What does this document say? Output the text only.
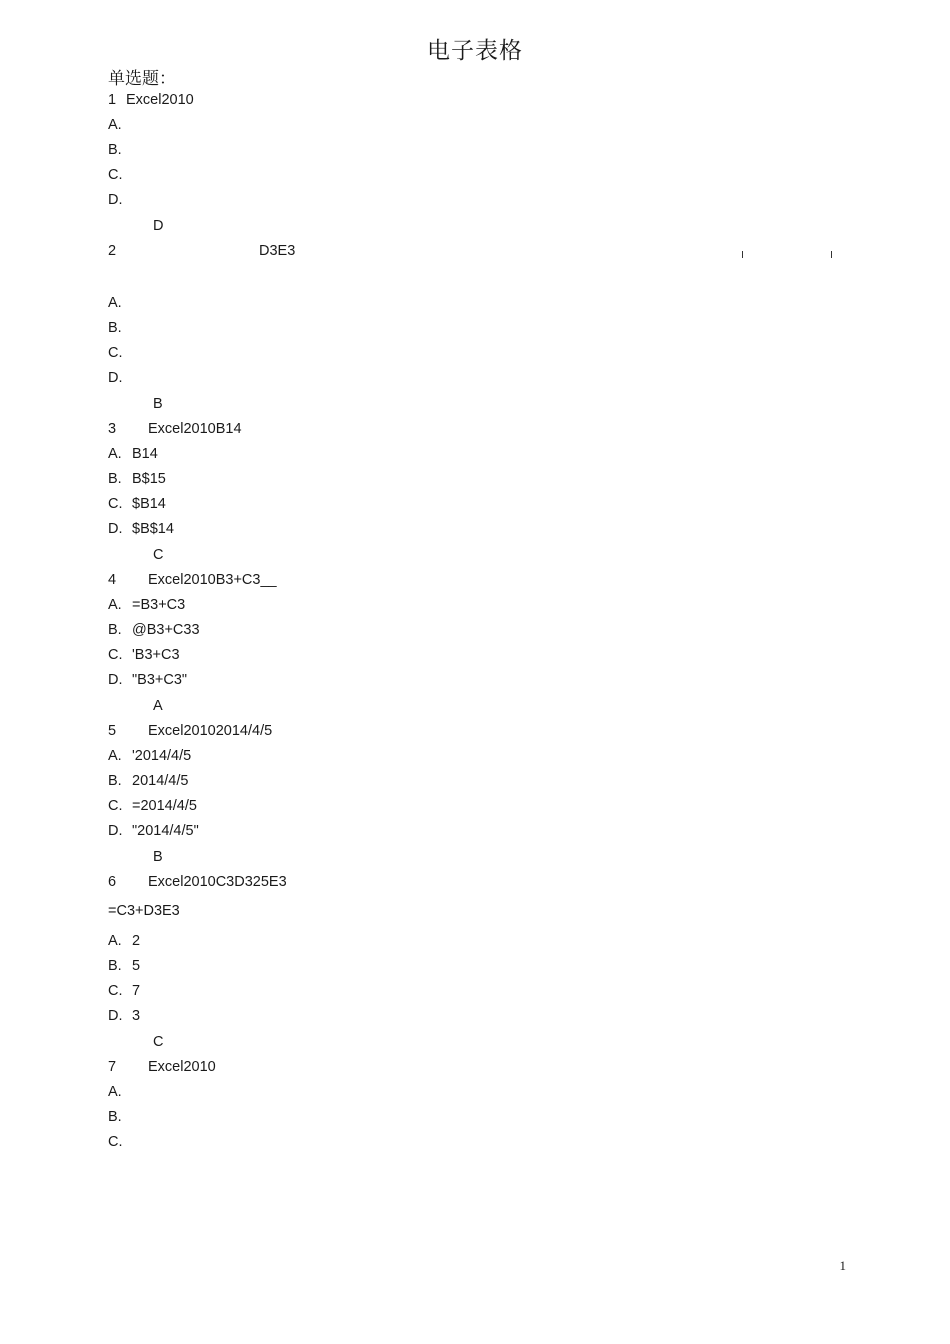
电子表格
单选题：
1 Excel2010
A.
B.
C.
D.
D
2	D3E3
A.
B.
C.
D.
B
3 Excel2010B14
A. B14
B. B$15
C. $B14
D. $B$14
C
4 Excel2010B3+C3__
A. =B3+C3
B. @B3+C33
C. 'B3+C3
D. "B3+C3"
A
5 Excel20102014/4/5
A. '2014/4/5
B. 2014/4/5
C. =2014/4/5
D. "2014/4/5"
B
6 Excel2010C3D325E3
=C3+D3E3
A. 2
B. 5
C. 7
D. 3
C
7 Excel2010
A.
B.
C.
1
